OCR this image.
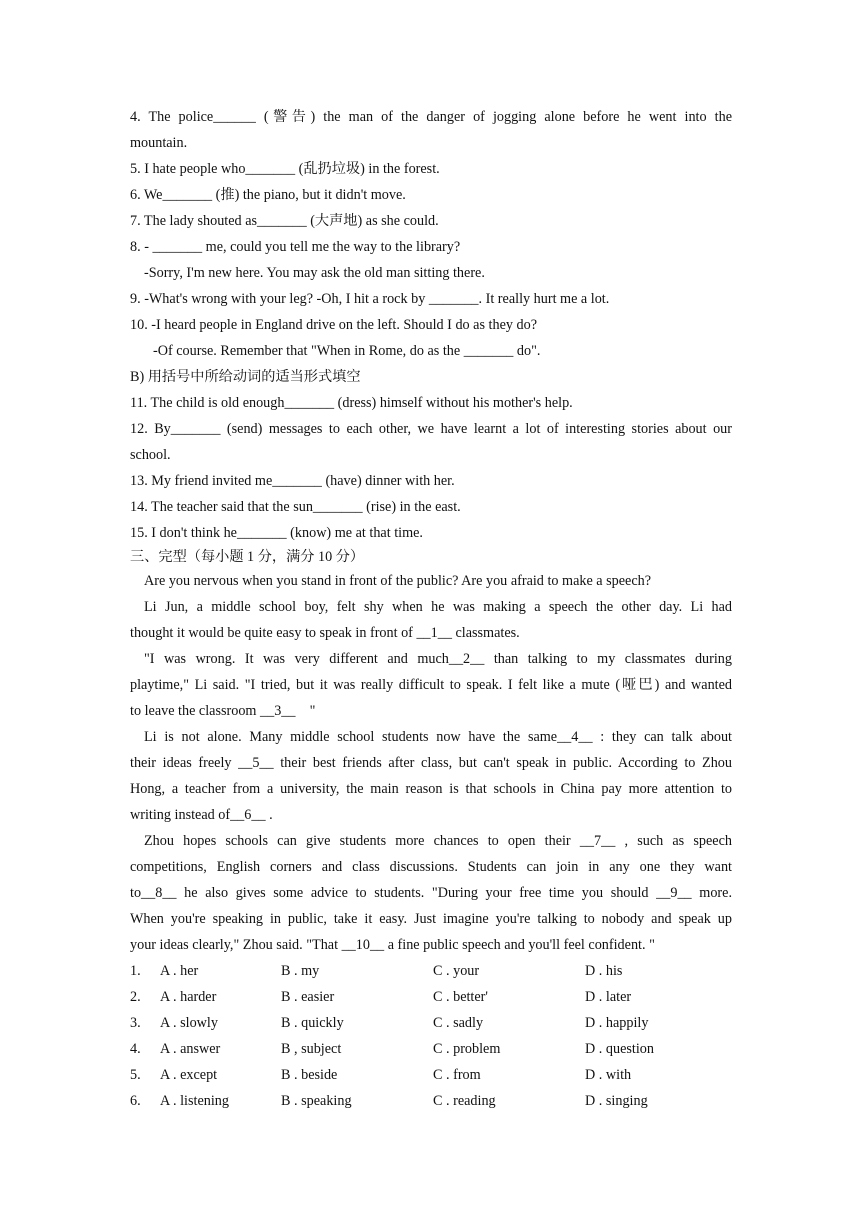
4. The police______ (警告) the man of the danger of jogging alone before he went into the
mountain.
5. I hate people who_______ (乱扔垃圾) in the forest.
6. We_______ (推) the piano, but it didn't move.
7. The lady shouted as_______ (大声地) as she could.
8. - _______ me, could you tell me the way to the library?
-Sorry, I'm new here. You may ask the old man sitting there.
9. -What's wrong with your leg? -Oh, I hit a rock by _______. It really hurt me a lot.
10. -I heard people in England drive on the left. Should I do as they do?
-Of course. Remember that "When in Rome, do as the _______ do".
B) 用括号中所给动词的适当形式填空
11. The child is old enough_______ (dress) himself without his mother's help.
12. By_______ (send) messages to each other, we have learnt a lot of interesting stories about our
school.
13. My friend invited me_______ (have) dinner with her.
14. The teacher said that the sun_______ (rise) in the east.
15. I don't think he_______ (know) me at that time.
三、完型（每小题 1 分，满分 10 分）
Are you nervous when you stand in front of the public? Are you afraid to make a speech?
Li Jun, a middle school boy, felt shy when he was making a speech the other day. Li had
thought it would be quite easy to speak in front of __1__ classmates.
"I was wrong. It was very different and much__2__ than talking to my classmates during
playtime," Li said. "I tried, but it was really difficult to speak. I felt like a mute (哑巴) and wanted
to leave the classroom __3__    "
Li is not alone. Many middle school students now have the same__4__ : they can talk about
their ideas freely __5__ their best friends after class, but can't speak in public. According to Zhou
Hong, a teacher from a university, the main reason is that schools in China pay more attention to
writing instead of__6__ .
Zhou hopes schools can give students more chances to open their __7__ , such as speech
competitions, English corners and class discussions. Students can join in any one they want
to__8__ he also gives some advice to students. "During your free time you should __9__ more.
When you're speaking in public, take it easy. Just imagine you're talking to nobody and speak up
your ideas clearly," Zhou said. "That __10__ a fine public speech and you'll feel confident. "
1.	A . her	B . my	C . your	D . his
2.	A . harder	B . easier	C . better'	D . later
3.	A . slowly	B . quickly	C . sadly	D . happily
4.	A . answer	B , subject	C . problem	D . question
5.	A . except	B . beside	C . from	D . with
6.	A . listening	B . speaking	C . reading	D . singing
